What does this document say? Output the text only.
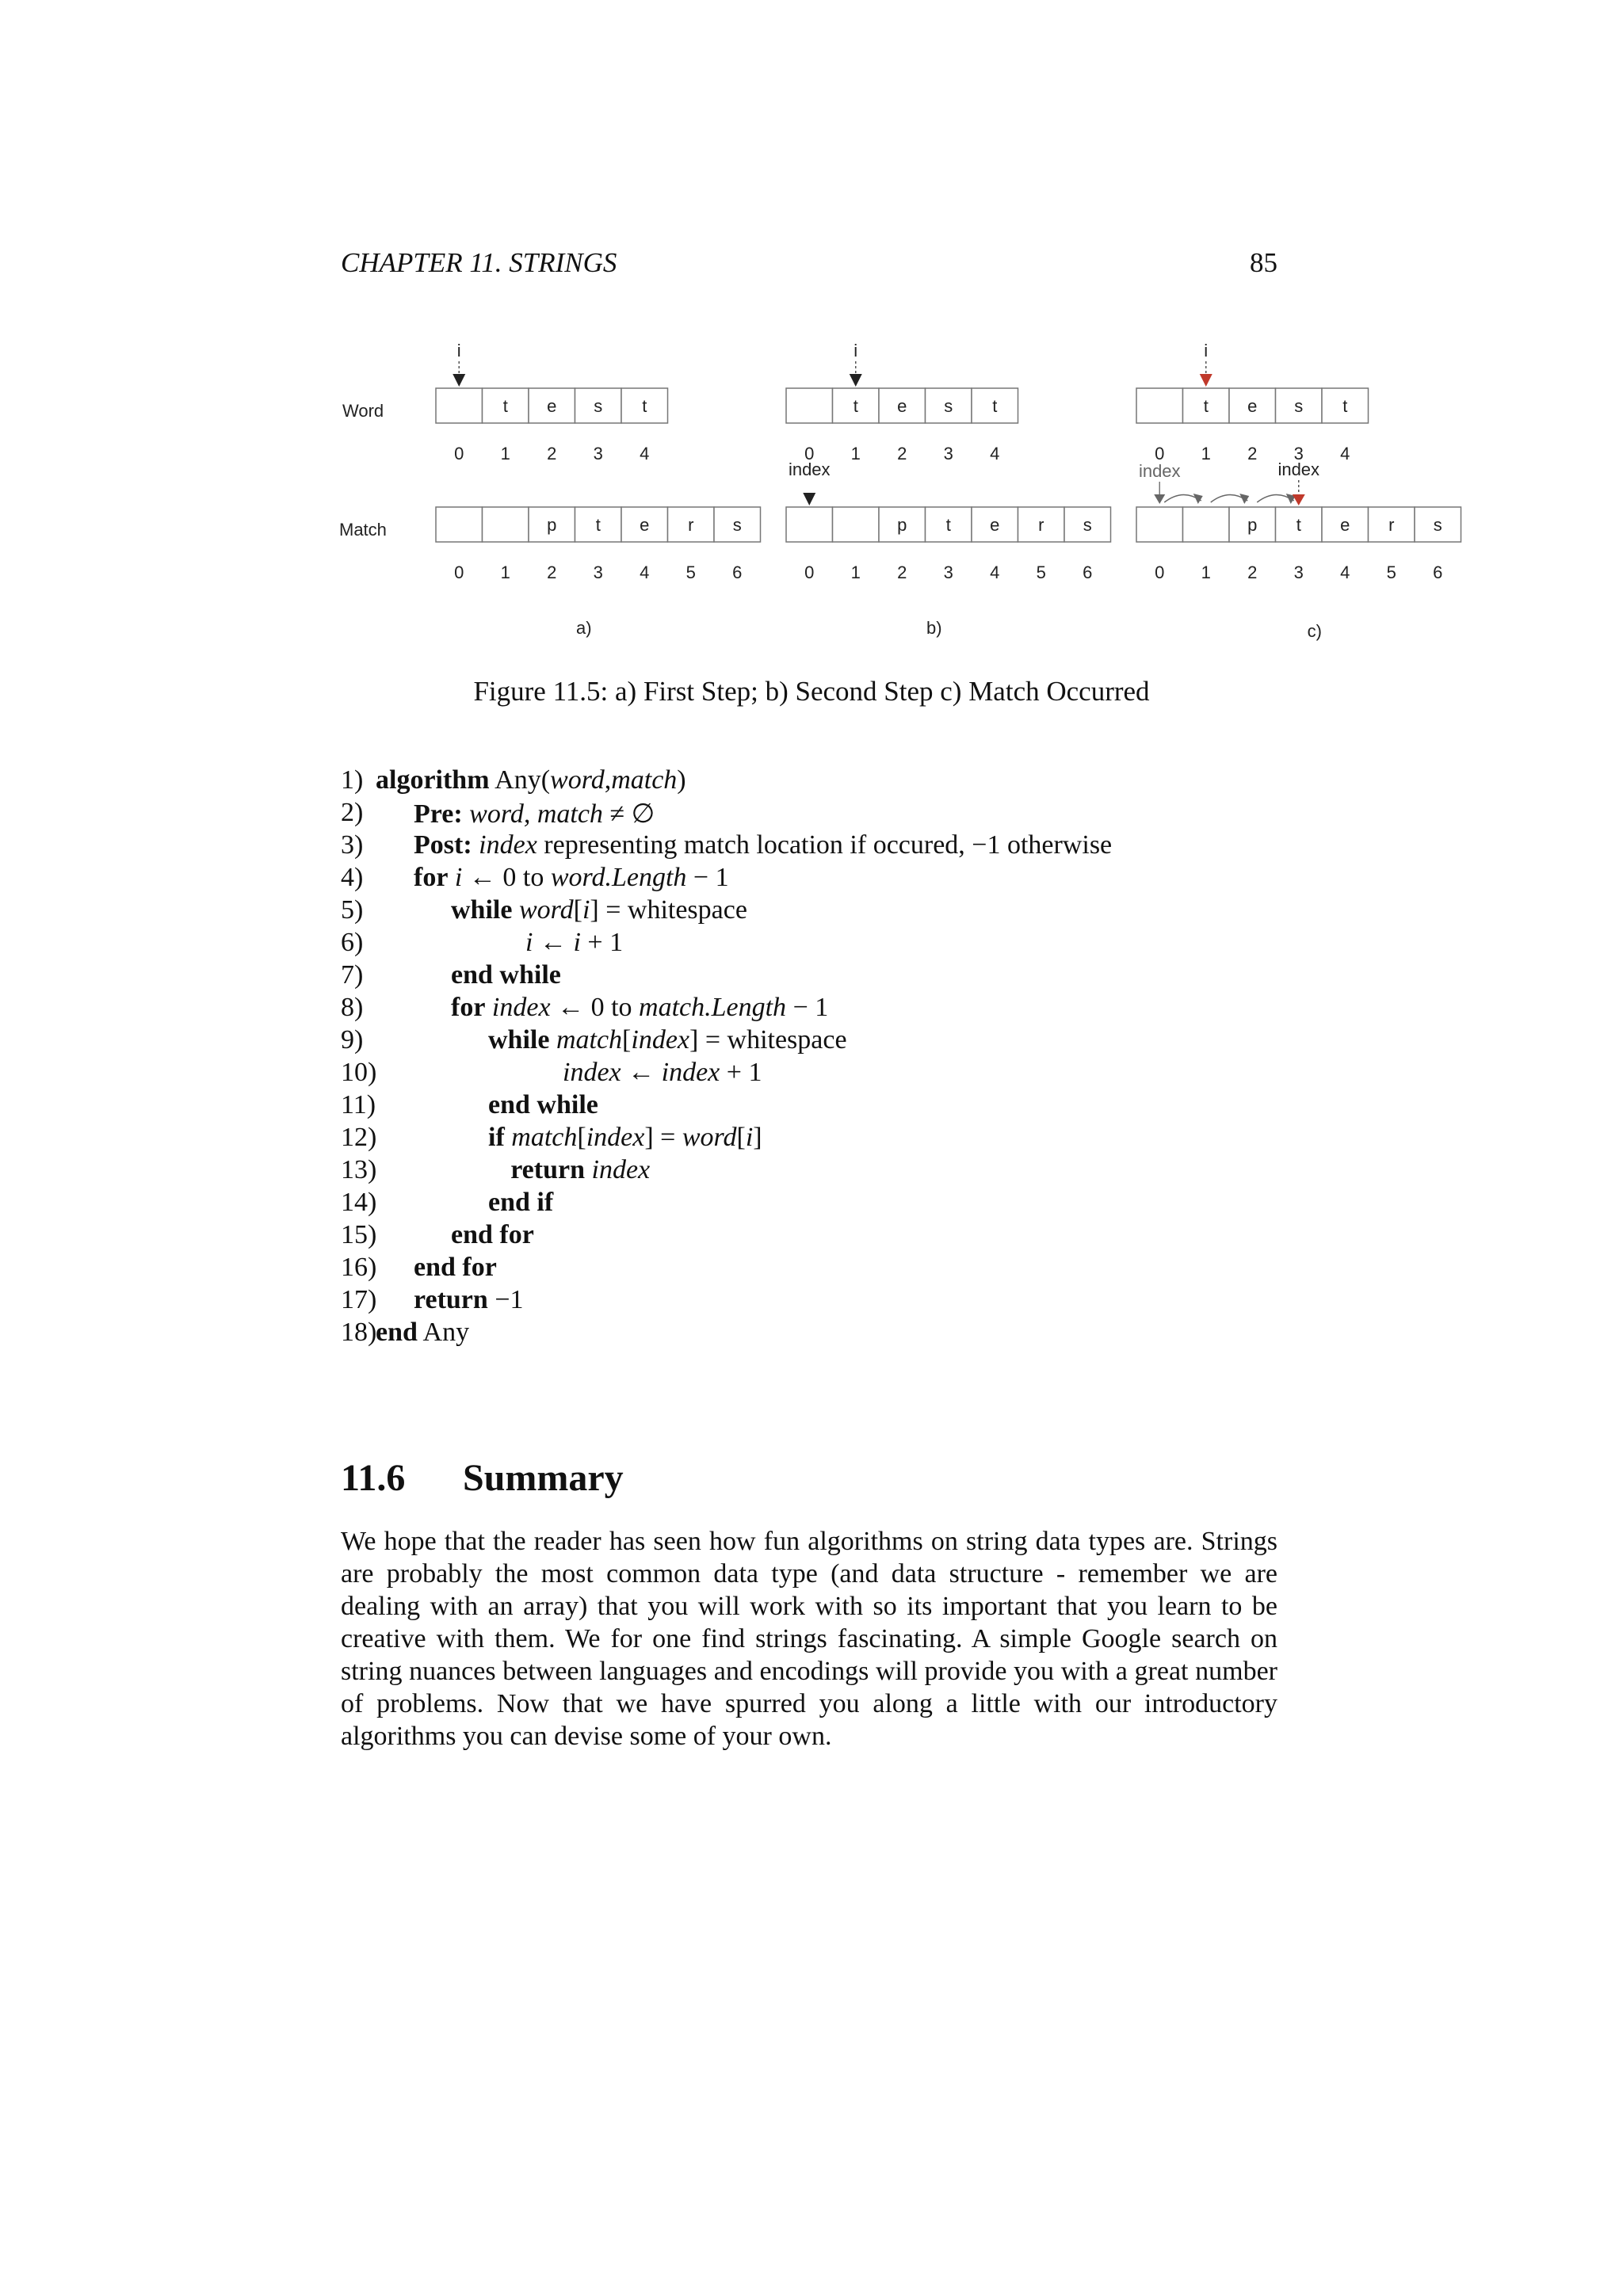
CHAPTER 11. STRINGS	85
Word
Match
0
t
1
e
2
s
3
t
4
0 1
p
2
t
3
e
4
r
5
s
6
i
a)
0
t
1
e
2
s
3
t
4
0 1
p
2
t
3
e
4
r
5
s
6
i
index
b)
0
t
1
e
2
s
3
t
4
0 1
p
2
t
3
e
4
r
5
s
6
i
index	index
c)
Figure 11.5: a) First Step; b) Second Step c) Match Occurred
1) algorithm Any(word,match)
2) Pre: word, match ≠ ∅
3) Post: index representing match location if occured, −1 otherwise
4) for i ← 0 to word.Length − 1
5)	while word[i] = whitespace
6)	i ← i + 1
7)	end while
8)	for index ← 0 to match.Length − 1
9)	while match[index] = whitespace
10)	index ← index + 1
11)	end while
12)	if match[index] = word[i]
13)	return index
14)	end if
15)	end for
16) end for
17) return −1
18)
end Any
11.6 Summary

We hope that the reader has seen how fun algorithms on string data types are. Strings are probably the most common data type (and data structure - remember we are dealing with an array) that you will work with so its important that you learn to be creative with them. We for one find strings fascinating. A simple Google search on string nuances between languages and encodings will provide you with a great number of problems. Now that we have spurred you along a little with our introductory algorithms you can devise some of your own.
